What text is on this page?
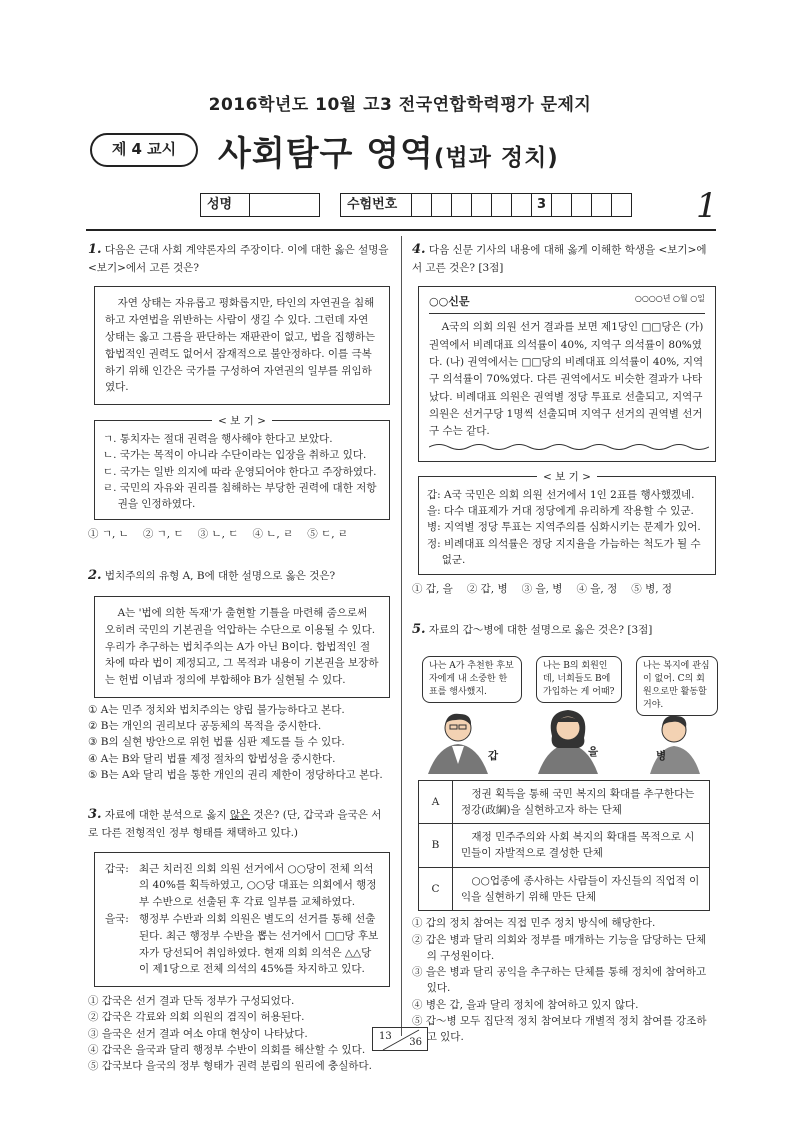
2016학년도 10월 고3 전국연합학력평가 문제지
제 4 교시	사회탐구 영역(법과 정치)
성명	수험번호	3	1
1. 다음은 근대 사회 계약론자의 주장이다. 이에 대한 옳은 설명을 <보기>에서 고른 것은?
자연 상태는 자유롭고 평화롭지만, 타인의 자연권을 침해하고 자연법을 위반하는 사람이 생길 수 있다. 그런데 자연 상태는 옳고 그름을 판단하는 재판관이 없고, 법을 집행하는 합법적인 권력도 없어서 잠재적으로 불안정하다. 이를 극복하기 위해 인간은 국가를 구성하여 자연권의 일부를 위임하였다.
< 보 기 >
ㄱ. 통치자는 절대 권력을 행사해야 한다고 보았다.
ㄴ. 국가는 목적이 아니라 수단이라는 입장을 취하고 있다.
ㄷ. 국가는 일반 의지에 따라 운영되어야 한다고 주장하였다.
ㄹ. 국민의 자유와 권리를 침해하는 부당한 권력에 대한 저항권을 인정하였다.
① ㄱ, ㄴ ② ㄱ, ㄷ ③ ㄴ, ㄷ ④ ㄴ, ㄹ ⑤ ㄷ, ㄹ
2. 법치주의의 유형 A, B에 대한 설명으로 옳은 것은?
A는 '법에 의한 독재'가 출현할 기틀을 마련해 줌으로써 오히려 국민의 기본권을 억압하는 수단으로 이용될 수 있다. 우리가 추구하는 법치주의는 A가 아닌 B이다. 합법적인 절차에 따라 법이 제정되고, 그 목적과 내용이 기본권을 보장하는 헌법 이념과 정의에 부합해야 B가 실현될 수 있다.
① A는 민주 정치와 법치주의는 양립 불가능하다고 본다.
② B는 개인의 권리보다 공동체의 목적을 중시한다.
③ B의 실현 방안으로 위헌 법률 심판 제도를 들 수 있다.
④ A는 B와 달리 법률 제정 절차의 합법성을 중시한다.
⑤ B는 A와 달리 법을 통한 개인의 권리 제한이 정당하다고 본다.
3. 자료에 대한 분석으로 옳지 않은 것은? (단, 갑국과 을국은 서로 다른 전형적인 정부 형태를 채택하고 있다.)
갑국: 최근 치러진 의회 의원 선거에서 ○○당이 전체 의석의 40%를 획득하였고, ○○당 대표는 의회에서 행정부 수반으로 선출된 후 각료 일부를 교체하였다.
을국: 행정부 수반과 의회 의원은 별도의 선거를 통해 선출된다. 최근 행정부 수반을 뽑는 선거에서 □□당 후보자가 당선되어 취임하였다. 현재 의회 의석은 △△당이 제1당으로 전체 의석의 45%를 차지하고 있다.
① 갑국은 선거 결과 단독 정부가 구성되었다.
② 갑국은 각료와 의회 의원의 겸직이 허용된다.
③ 을국은 선거 결과 여소 야대 현상이 나타났다.
④ 갑국은 을국과 달리 행정부 수반이 의회를 해산할 수 있다.
⑤ 갑국보다 을국의 정부 형태가 권력 분립의 원리에 충실하다.
4. 다음 신문 기사의 내용에 대해 옳게 이해한 학생을 <보기>에서 고른 것은? [3점]
○○신문	○○○○년 ○월 ○일
A국의 의회 의원 선거 결과를 보면 제1당인 □□당은 (가) 권역에서 비례대표 의석률이 40%, 지역구 의석률이 80%였다. (나) 권역에서는 □□당의 비례대표 의석률이 40%, 지역구 의석률이 70%였다. 다른 권역에서도 비슷한 결과가 나타났다. 비례대표 의원은 권역별 정당 투표로 선출되고, 지역구 의원은 선거구당 1명씩 선출되며 지역구 선거의 권역별 선거구 수는 같다.
< 보 기 >
갑: A국 국민은 의회 의원 선거에서 1인 2표를 행사했겠네.
을: 다수 대표제가 거대 정당에게 유리하게 작용할 수 있군.
병: 지역별 정당 투표는 지역주의를 심화시키는 문제가 있어.
정: 비례대표 의석률은 정당 지지율을 가늠하는 척도가 될 수 없군.
① 갑, 을 ② 갑, 병 ③ 을, 병 ④ 을, 정 ⑤ 병, 정
5. 자료의 갑～병에 대한 설명으로 옳은 것은? [3점]
나는 A가 추천한 후보자에게 내 소중한 한 표를 행사했지.
나는 B의 회원인데, 너희들도 B에 가입하는 게 어때?
나는 복지에 관심이 없어. C의 회원으로만 활동할 거야.
갑	을	병
A	정권 획득을 통해 국민 복지의 확대를 추구한다는 정강(政綱)을 실현하고자 하는 단체
B	재정 민주주의와 사회 복지의 확대를 목적으로 시민들이 자발적으로 결성한 단체
C	○○업종에 종사하는 사람들이 자신들의 직업적 이익을 실현하기 위해 만든 단체
① 갑의 정치 참여는 직접 민주 정치 방식에 해당한다.
② 갑은 병과 달리 의회와 정부를 매개하는 기능을 담당하는 단체의 구성원이다.
③ 을은 병과 달리 공익을 추구하는 단체를 통해 정치에 참여하고 있다.
④ 병은 갑, 을과 달리 정치에 참여하고 있지 않다.
⑤ 갑～병 모두 집단적 정치 참여보다 개별적 정치 참여를 강조하고 있다.
13 36
